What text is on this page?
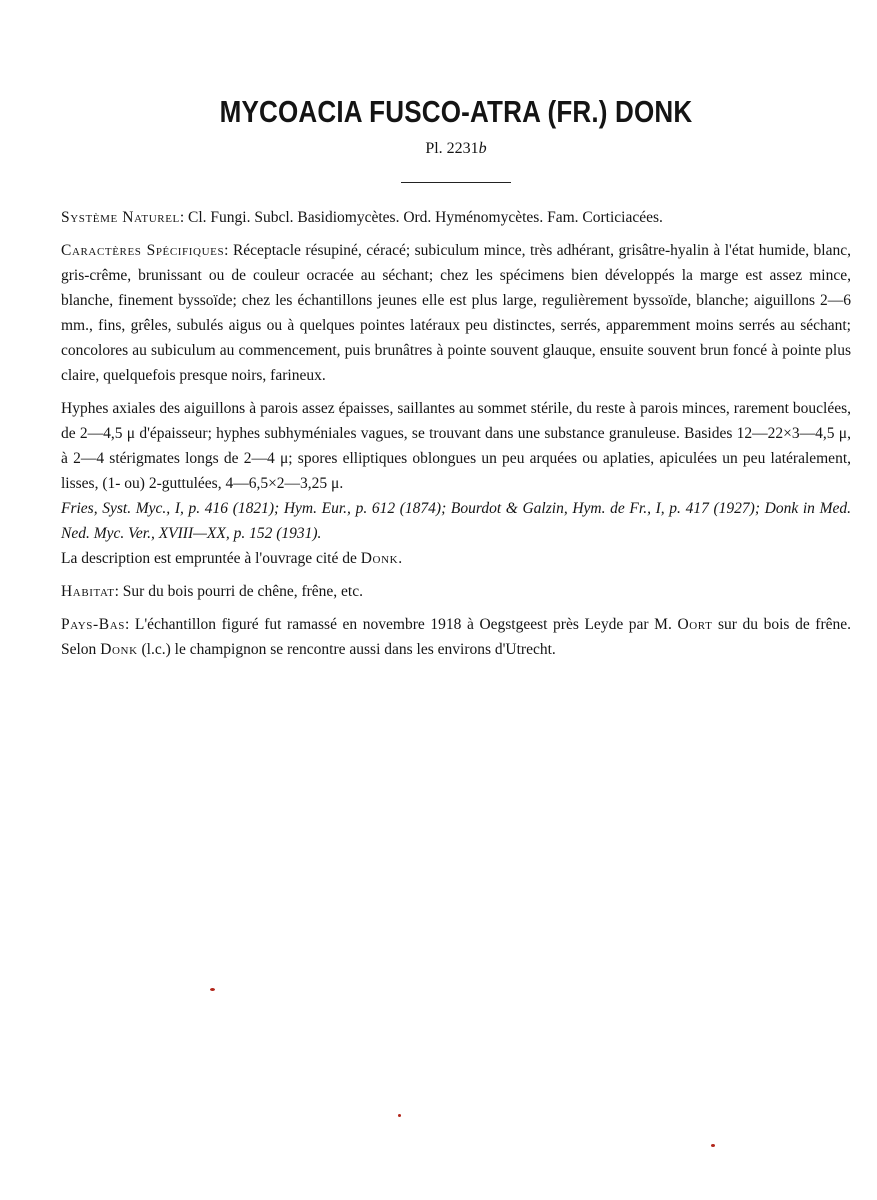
MYCOACIA FUSCO-ATRA (FR.) DONK
Pl. 2231b

Système Naturel: Cl. Fungi. Subcl. Basidiomycètes. Ord. Hyménomycètes. Fam. Corticiacées.

Caractères Spécifiques: Réceptacle résupiné, céracé; subiculum mince, très adhérant, grisâtre-hyalin à l'état humide, blanc, gris-crême, brunissant ou de couleur ocracée au séchant; chez les spécimens bien développés la marge est assez mince, blanche, finement byssoïde; chez les échantillons jeunes elle est plus large, regulièrement byssoïde, blanche; aiguillons 2—6 mm., fins, grêles, subulés aigus ou à quelques pointes latéraux peu distinctes, serrés, apparemment moins serrés au séchant; concolores au subiculum au commencement, puis brunâtres à pointe souvent glauque, ensuite souvent brun foncé à pointe plus claire, quelquefois presque noirs, farineux.

Hyphes axiales des aiguillons à parois assez épaisses, saillantes au sommet stérile, du reste à parois minces, rarement bouclées, de 2—4,5 μ d'épaisseur; hyphes subhyméniales vagues, se trouvant dans une substance granuleuse. Basides 12—22×3—4,5 μ, à 2—4 stérigmates longs de 2—4 μ; spores elliptiques oblongues un peu arquées ou aplaties, apiculées un peu latéralement, lisses, (1- ou) 2-guttulées, 4—6,5×2—3,25 μ.

Fries, Syst. Myc., I, p. 416 (1821); Hym. Eur., p. 612 (1874); Bourdot & Galzin, Hym. de Fr., I, p. 417 (1927); Donk in Med. Ned. Myc. Ver., XVIII—XX, p. 152 (1931).

La description est empruntée à l'ouvrage cité de Donk.

Habitat: Sur du bois pourri de chêne, frêne, etc.

Pays-Bas: L'échantillon figuré fut ramassé en novembre 1918 à Oegstgeest près Leyde par M. Oort sur du bois de frêne. Selon Donk (l.c.) le champignon se rencontre aussi dans les environs d'Utrecht.
